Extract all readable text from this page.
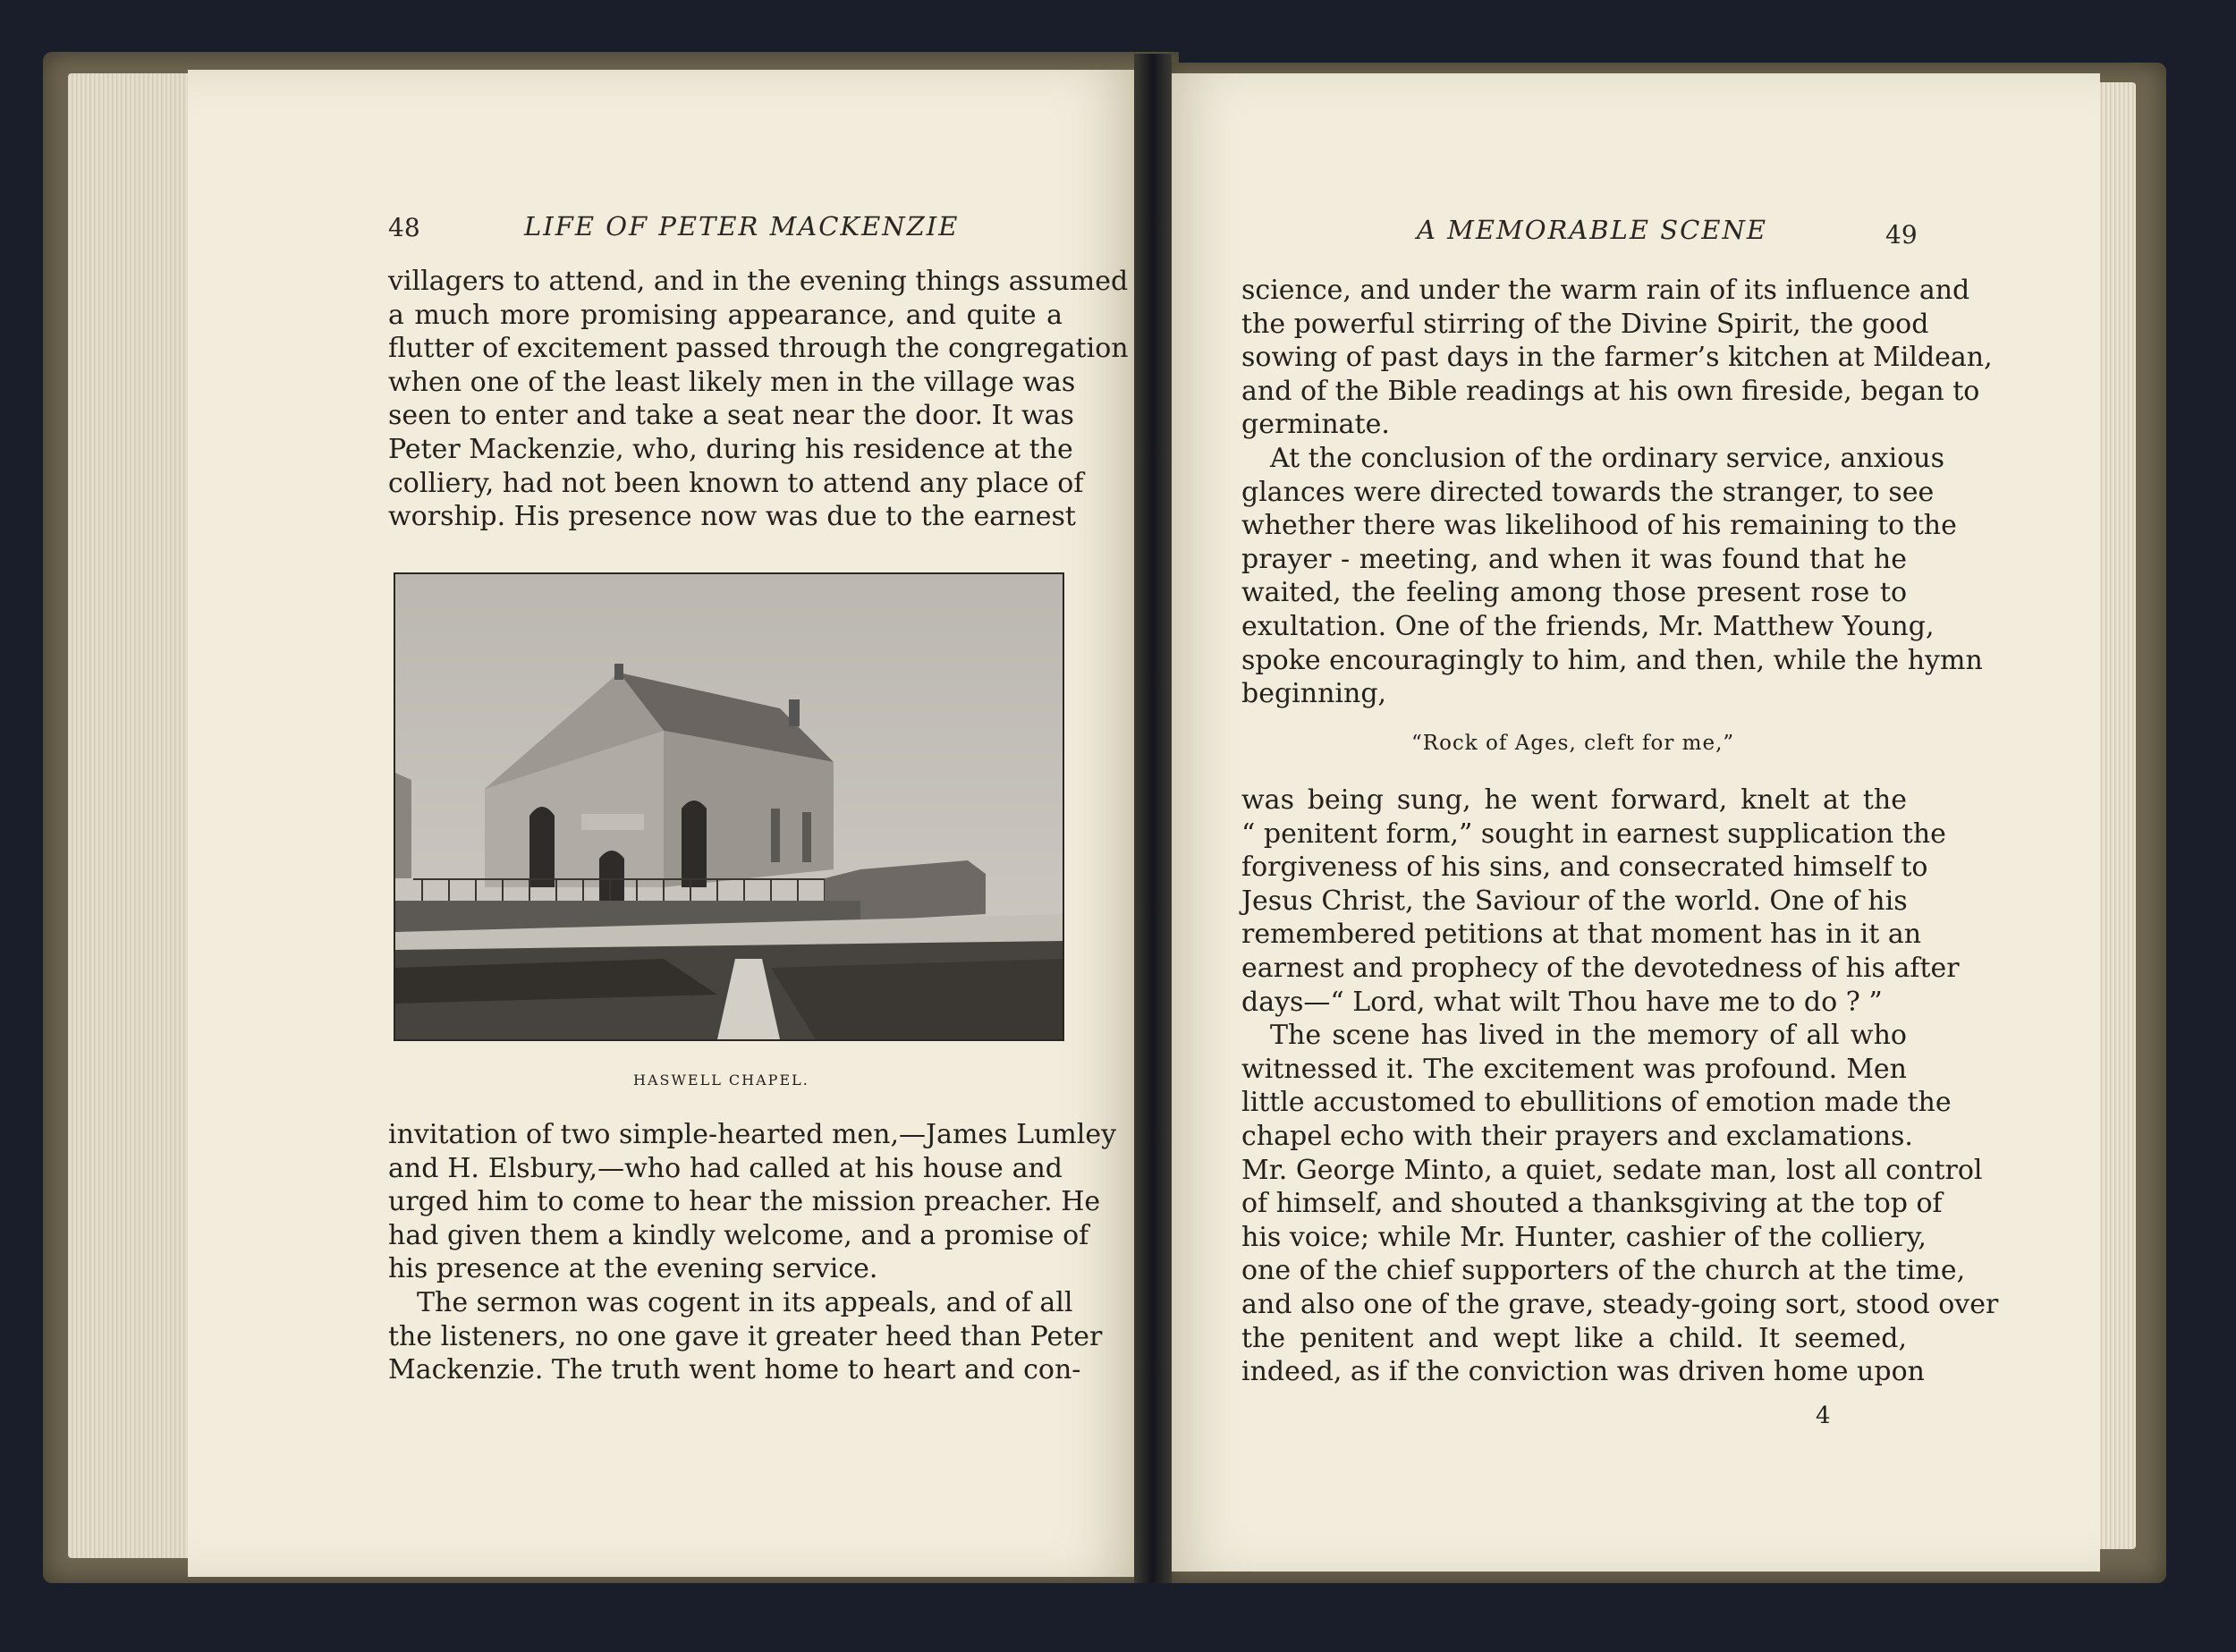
48	LIFE OF PETER MACKENZIE
villagers to attend, and in the evening things assumed
a much more promising appearance, and quite a
flutter of excitement passed through the congregation
when one of the least likely men in the village was
seen to enter and take a seat near the door. It was
Peter Mackenzie, who, during his residence at the
colliery, had not been known to attend any place of
worship. His presence now was due to the earnest
HASWELL CHAPEL.
invitation of two simple-hearted men,—James Lumley
and H. Elsbury,—who had called at his house and
urged him to come to hear the mission preacher. He
had given them a kindly welcome, and a promise of
his presence at the evening service.
The sermon was cogent in its appeals, and of all
the listeners, no one gave it greater heed than Peter
Mackenzie. The truth went home to heart and con-
A MEMORABLE SCENE	49
science, and under the warm rain of its influence and
the powerful stirring of the Divine Spirit, the good
sowing of past days in the farmer’s kitchen at Mildean,
and of the Bible readings at his own fireside, began to
germinate.
At the conclusion of the ordinary service, anxious
glances were directed towards the stranger, to see
whether there was likelihood of his remaining to the
prayer - meeting, and when it was found that he
waited, the feeling among those present rose to
exultation. One of the friends, Mr. Matthew Young,
spoke encouragingly to him, and then, while the hymn
beginning,
“Rock of Ages, cleft for me,”
was being sung, he went forward, knelt at the
“ penitent form,” sought in earnest supplication the
forgiveness of his sins, and consecrated himself to
Jesus Christ, the Saviour of the world. One of his
remembered petitions at that moment has in it an
earnest and prophecy of the devotedness of his after
days—“ Lord, what wilt Thou have me to do ? ”
The scene has lived in the memory of all who
witnessed it. The excitement was profound. Men
little accustomed to ebullitions of emotion made the
chapel echo with their prayers and exclamations.
Mr. George Minto, a quiet, sedate man, lost all control
of himself, and shouted a thanksgiving at the top of
his voice; while Mr. Hunter, cashier of the colliery,
one of the chief supporters of the church at the time,
and also one of the grave, steady-going sort, stood over
the penitent and wept like a child. It seemed,
indeed, as if the conviction was driven home upon
4
